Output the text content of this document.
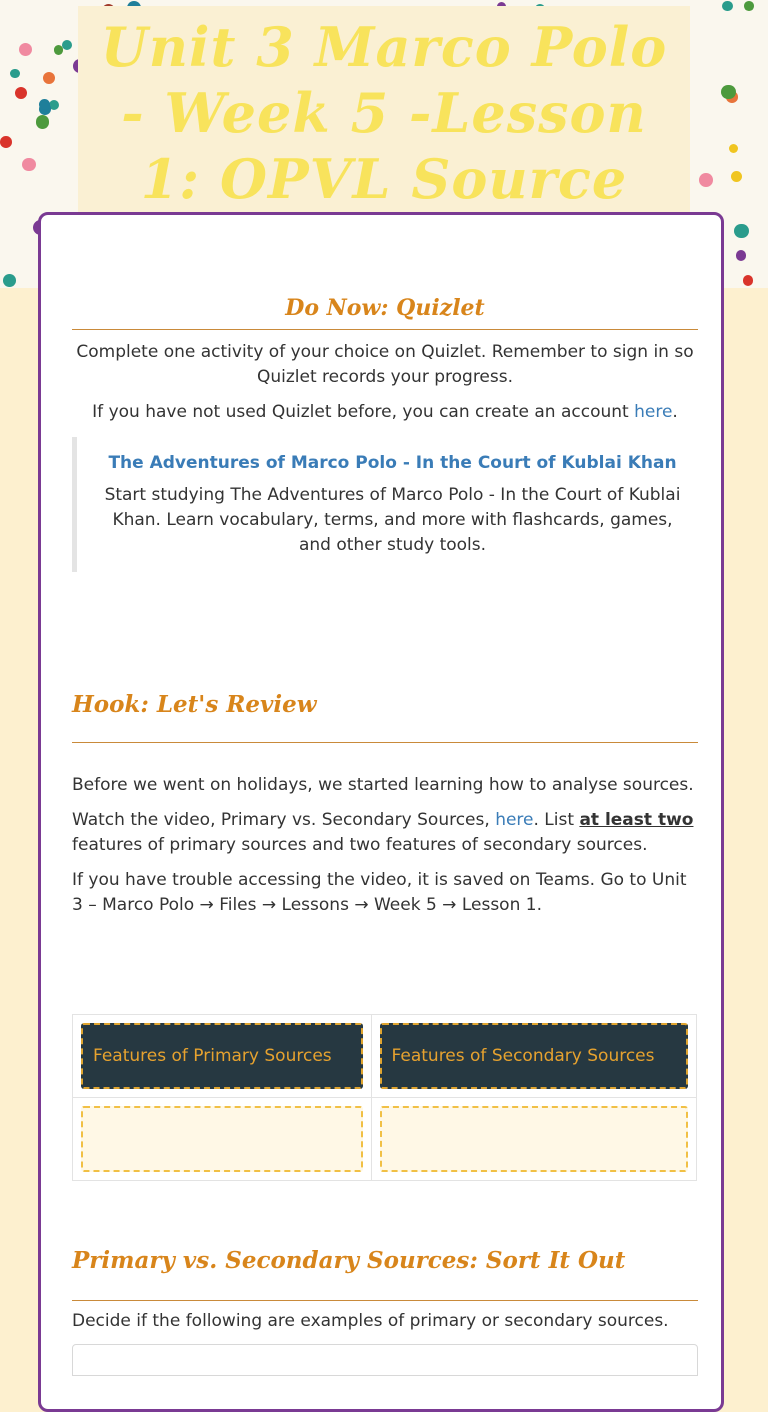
Unit 3 Marco Polo - Week 5 -Lesson 1: OPVL Source
Do Now: Quizlet

Complete one activity of your choice on Quizlet. Remember to sign in so Quizlet records your progress.

If you have not used Quizlet before, you can create an account here.

The Adventures of Marco Polo - In the Court of Kublai Khan

Start studying The Adventures of Marco Polo - In the Court of Kublai Khan. Learn vocabulary, terms, and more with flashcards, games, and other study tools.

Hook: Let's Review

Before we went on holidays, we started learning how to analyse sources.

Watch the video, Primary vs. Secondary Sources, here. List at least two features of primary sources and two features of secondary sources.

If you have trouble accessing the video, it is saved on Teams. Go to Unit 3 – Marco Polo → Files → Lessons → Week 5 → Lesson 1.

Features of Primary Sources	Features of Secondary Sources

Primary vs. Secondary Sources: Sort It Out

Decide if the following are examples of primary or secondary sources.
